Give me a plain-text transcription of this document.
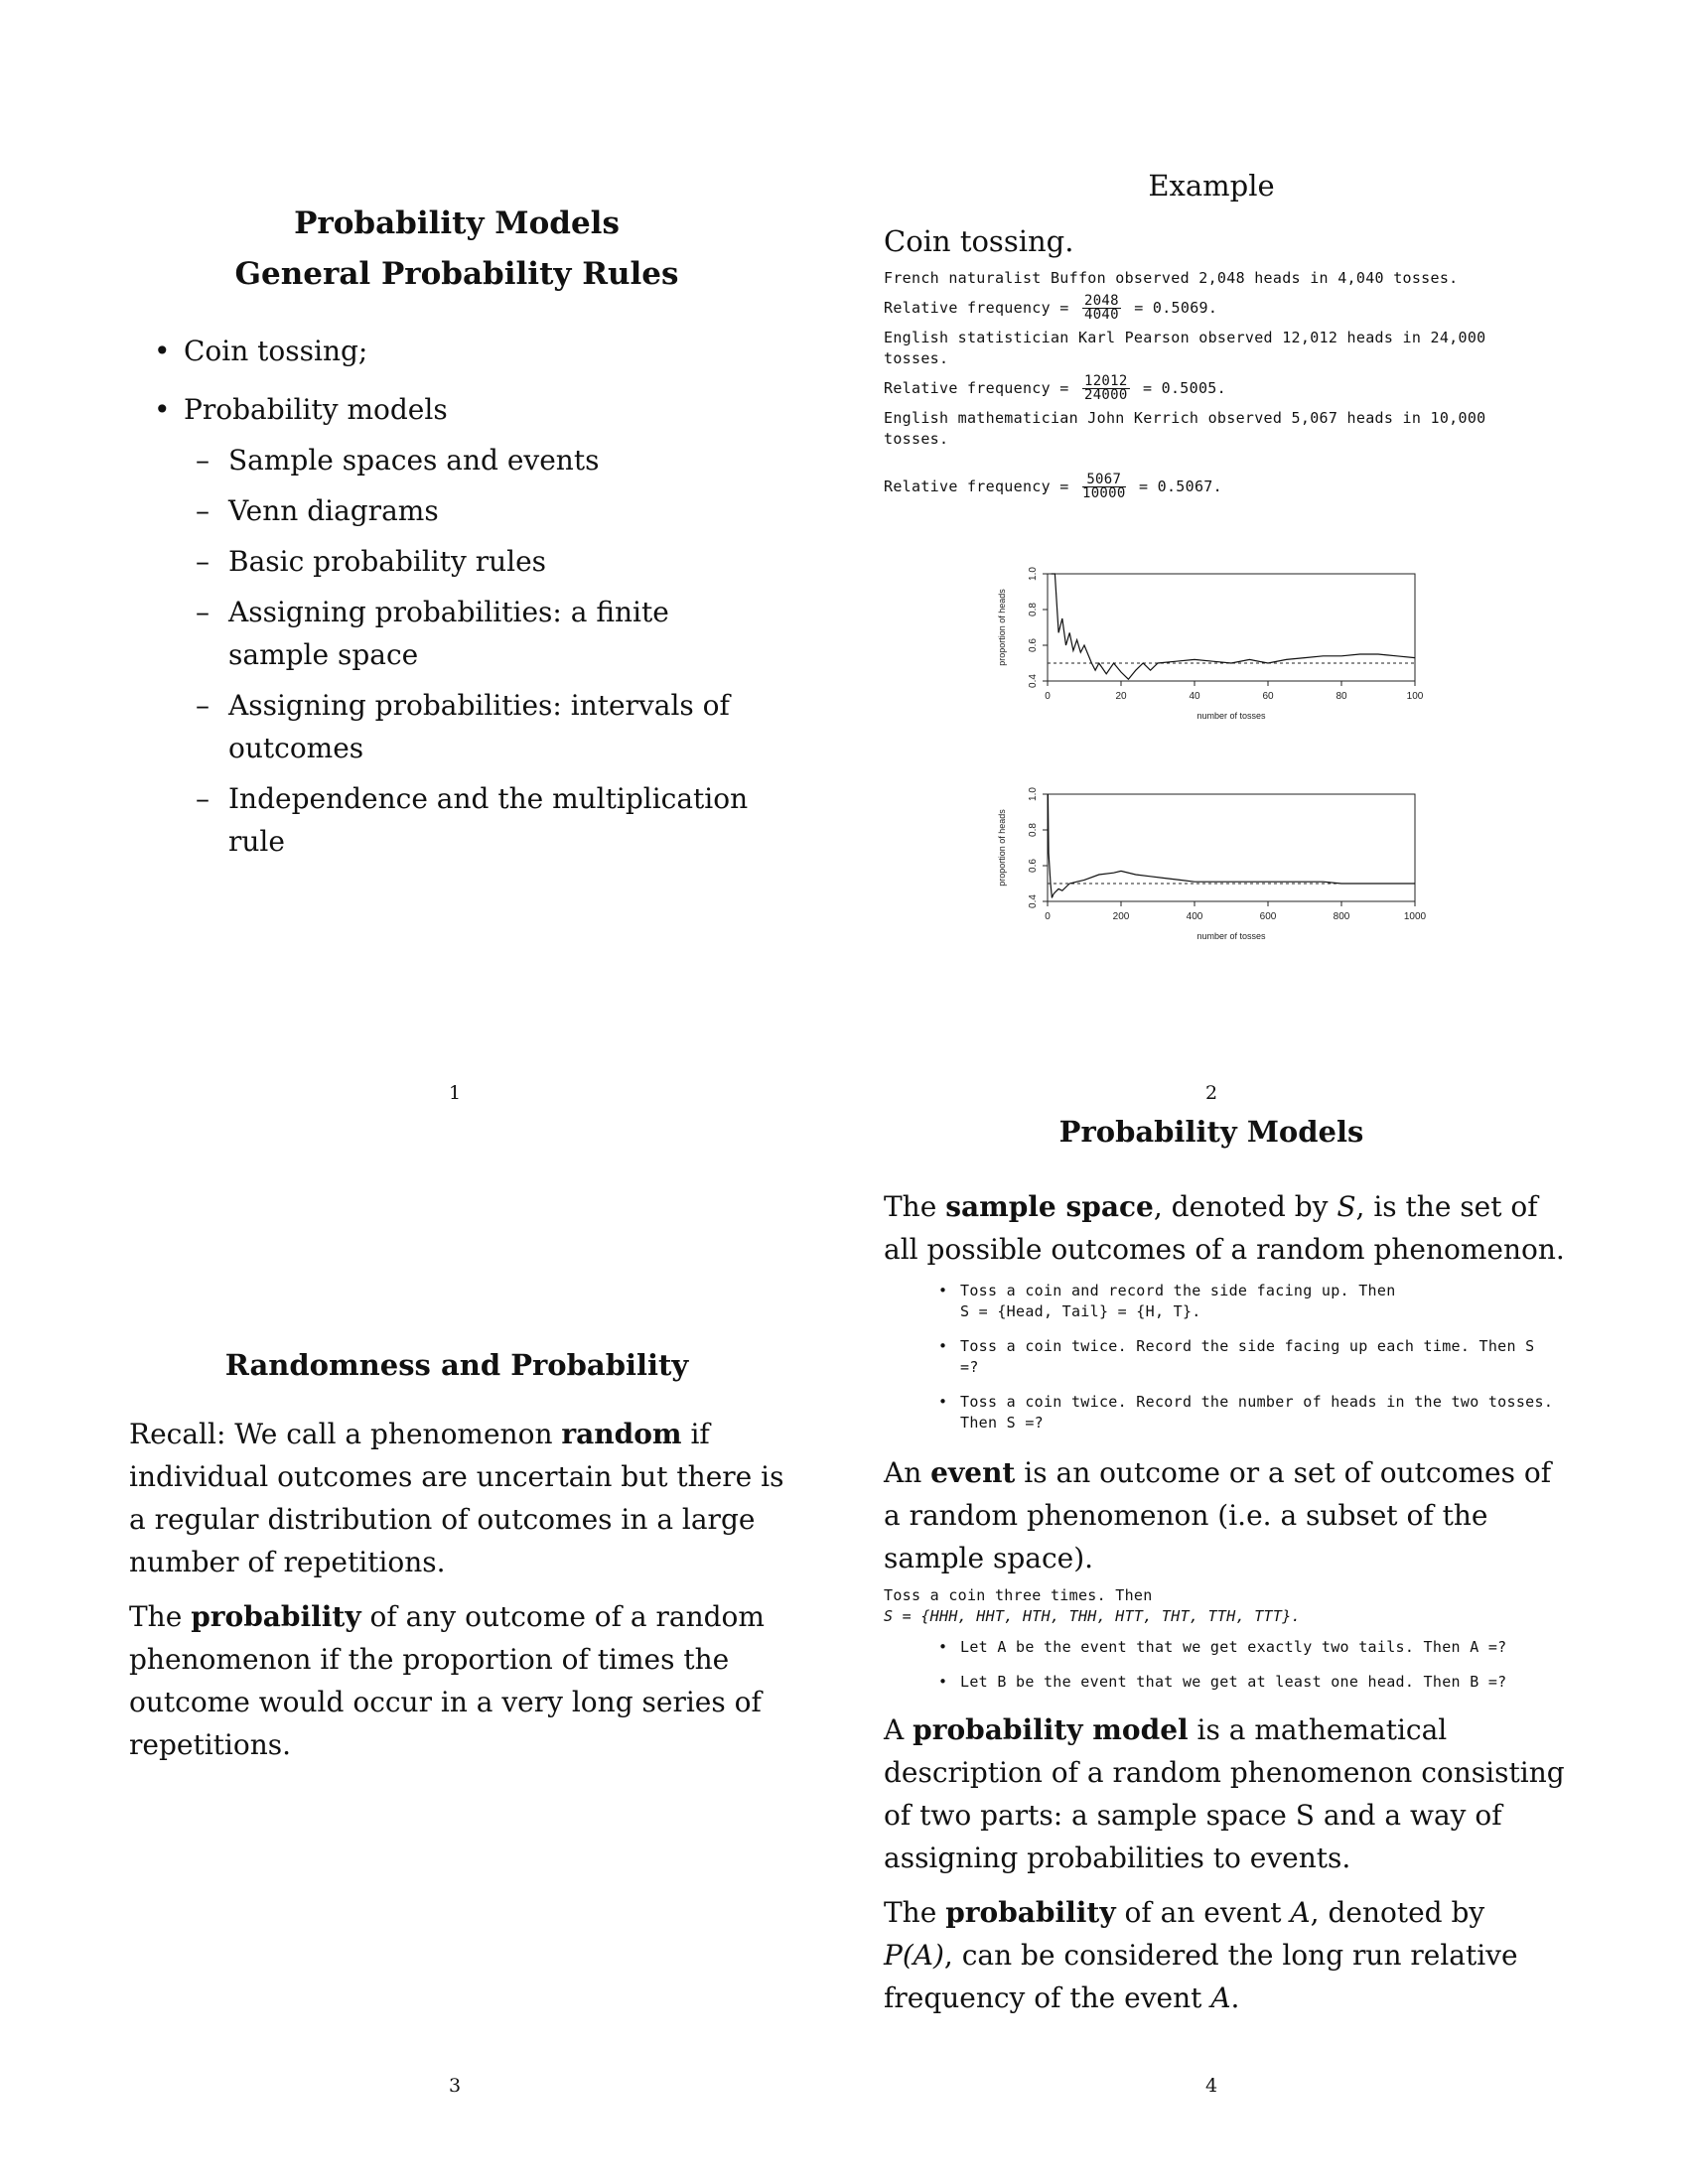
Probability Models
General Probability Rules
• Coin tossing;
• Probability models
– Sample spaces and events
– Venn diagrams
– Basic probability rules
– Assigning probabilities: a finite sample space
– Assigning probabilities: intervals of outcomes
– Independence and the multiplication rule
1
Example
Coin tossing.
French naturalist Buffon observed 2,048 heads in 4,040 tosses.
Relative frequency = $\frac{2048}{4040} = 0.5069$.
English statistician Karl Pearson observed 12,012 heads in 24,000 tosses.
Relative frequency = $\frac{12012}{24000} = 0.5005$.
English mathematician John Kerrich observed 5,067 heads in 10,000 tosses.
Relative frequency = $\frac{5067}{10000} = 0.5067$.
0	20	40	60	80	100
0.4
0.6
0.8
1.0
number of tosses
proportion of heads
0	200	400	600	800	1000
0.4
0.6
0.8
1.0
number of tosses
proportion of heads
2
Randomness and Probability
Recall: We call a phenomenon random if individual outcomes are uncertain but there is a regular distribution of outcomes in a large number of repetitions.
The probability of any outcome of a random phenomenon if the proportion of times the outcome would occur in a very long series of repetitions.
3
Probability Models
The sample space, denoted by S, is the set of all possible outcomes of a random phenomenon.
• Toss a coin and record the side facing up. Then
S = {Head, Tail} = {H, T}.
• Toss a coin twice. Record the side facing up each time. Then S =?
• Toss a coin twice. Record the number of heads in the two tosses. Then S =?
An event is an outcome or a set of outcomes of a random phenomenon (i.e. a subset of the sample space).
Toss a coin three times. Then
S = {HHH, HHT, HTH, THH, HTT, THT, TTH, TTT}.
• Let A be the event that we get exactly two tails. Then A =?
• Let B be the event that we get at least one head. Then B =?
A probability model is a mathematical description of a random phenomenon consisting of two parts: a sample space S and a way of assigning probabilities to events.
The probability of an event A, denoted by P(A), can be considered the long run relative frequency of the event A.
4
